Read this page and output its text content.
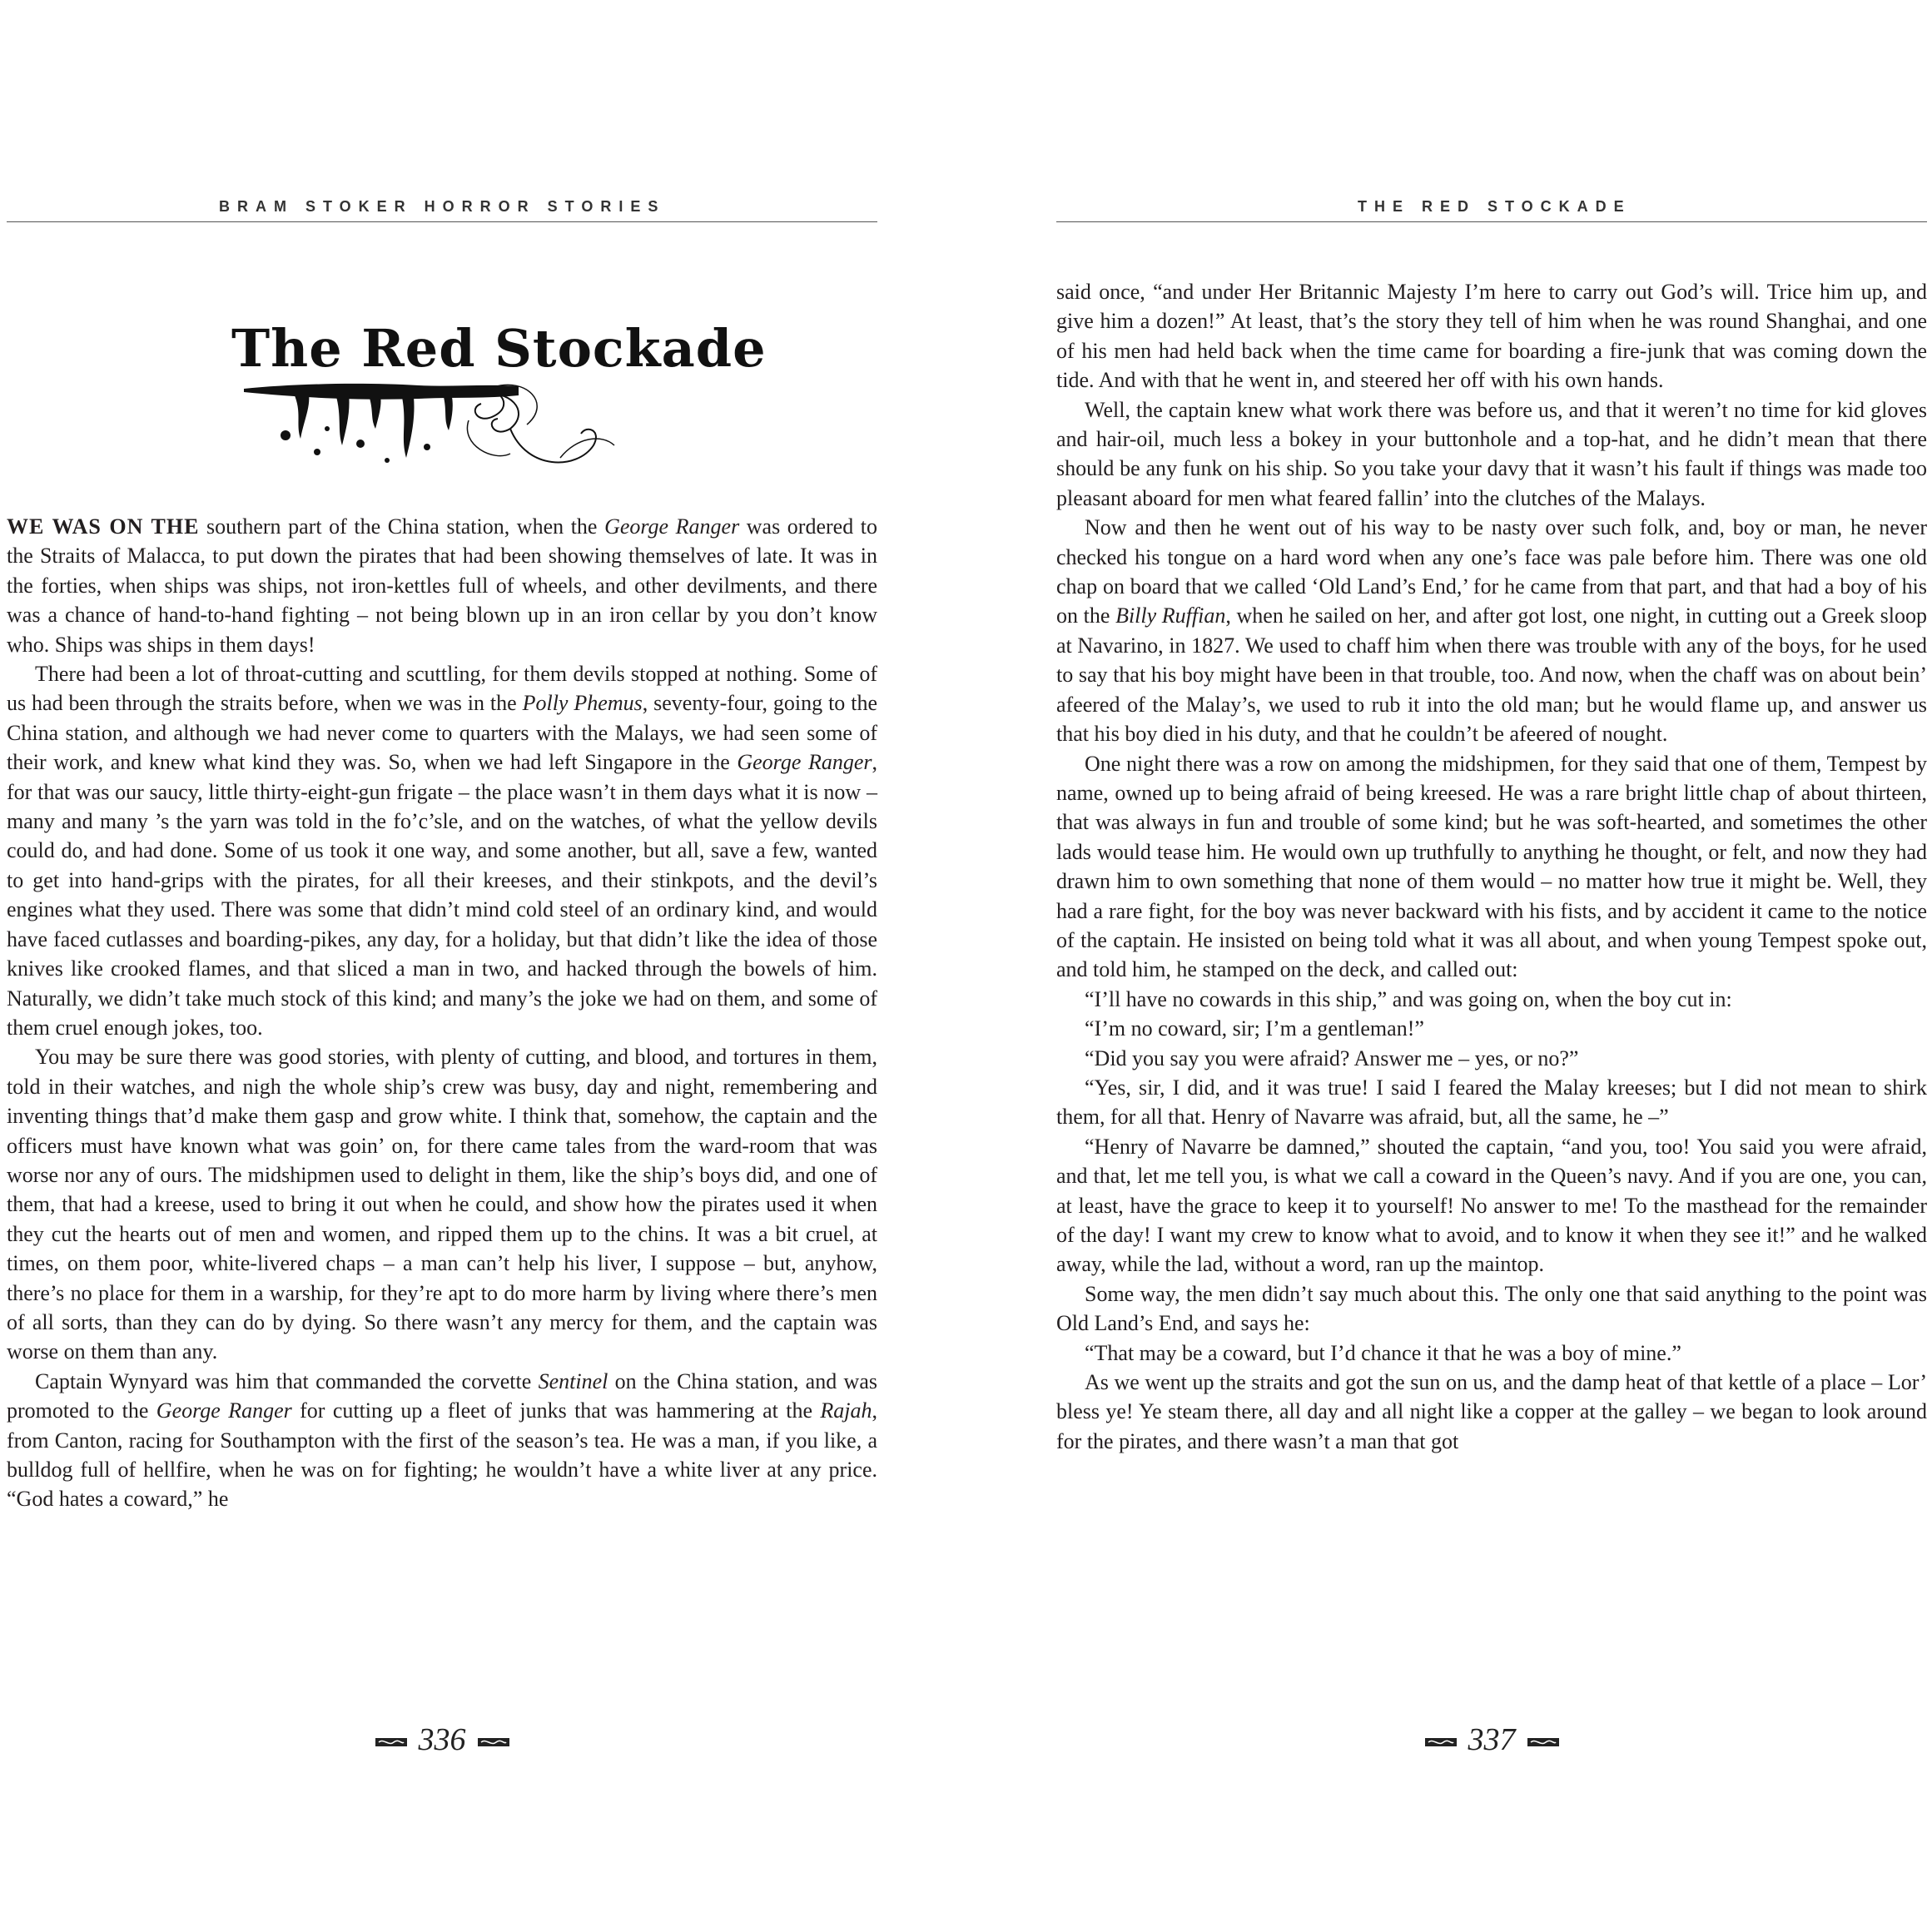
BRAM STOKER HORROR STORIES
The Red Stockade

WE WAS ON THE southern part of the China station, when the George Ranger was ordered to the Straits of Malacca, to put down the pirates that had been showing themselves of late. It was in the forties, when ships was ships, not iron-kettles full of wheels, and other devilments, and there was a chance of hand-to-hand fighting – not being blown up in an iron cellar by you don’t know who. Ships was ships in them days!

There had been a lot of throat-cutting and scuttling, for them devils stopped at nothing. Some of us had been through the straits before, when we was in the Polly Phemus, seventy-four, going to the China station, and although we had never come to quarters with the Malays, we had seen some of their work, and knew what kind they was. So, when we had left Singapore in the George Ranger, for that was our saucy, little thirty-eight-gun frigate – the place wasn’t in them days what it is now – many and many ’s the yarn was told in the fo’c’sle, and on the watches, of what the yellow devils could do, and had done. Some of us took it one way, and some another, but all, save a few, wanted to get into hand-grips with the pirates, for all their kreeses, and their stinkpots, and the devil’s engines what they used. There was some that didn’t mind cold steel of an ordinary kind, and would have faced cutlasses and boarding-pikes, any day, for a holiday, but that didn’t like the idea of those knives like crooked flames, and that sliced a man in two, and hacked through the bowels of him. Naturally, we didn’t take much stock of this kind; and many’s the joke we had on them, and some of them cruel enough jokes, too.

You may be sure there was good stories, with plenty of cutting, and blood, and tortures in them, told in their watches, and nigh the whole ship’s crew was busy, day and night, remembering and inventing things that’d make them gasp and grow white. I think that, somehow, the captain and the officers must have known what was goin’ on, for there came tales from the ward-room that was worse nor any of ours. The midshipmen used to delight in them, like the ship’s boys did, and one of them, that had a kreese, used to bring it out when he could, and show how the pirates used it when they cut the hearts out of men and women, and ripped them up to the chins. It was a bit cruel, at times, on them poor, white-livered chaps – a man can’t help his liver, I suppose – but, anyhow, there’s no place for them in a warship, for they’re apt to do more harm by living where there’s men of all sorts, than they can do by dying. So there wasn’t any mercy for them, and the captain was worse on them than any.

Captain Wynyard was him that commanded the corvette Sentinel on the China station, and was promoted to the George Ranger for cutting up a fleet of junks that was hammering at the Rajah, from Canton, racing for Southampton with the first of the season’s tea. He was a man, if you like, a bulldog full of hellfire, when he was on for fighting; he wouldn’t have a white liver at any price. “God hates a coward,” he

336
THE RED STOCKADE

said once, “and under Her Britannic Majesty I’m here to carry out God’s will. Trice him up, and give him a dozen!” At least, that’s the story they tell of him when he was round Shanghai, and one of his men had held back when the time came for boarding a fire-junk that was coming down the tide. And with that he went in, and steered her off with his own hands.

Well, the captain knew what work there was before us, and that it weren’t no time for kid gloves and hair-oil, much less a bokey in your buttonhole and a top-hat, and he didn’t mean that there should be any funk on his ship. So you take your davy that it wasn’t his fault if things was made too pleasant aboard for men what feared fallin’ into the clutches of the Malays.

Now and then he went out of his way to be nasty over such folk, and, boy or man, he never checked his tongue on a hard word when any one’s face was pale before him. There was one old chap on board that we called ‘Old Land’s End,’ for he came from that part, and that had a boy of his on the Billy Ruffian, when he sailed on her, and after got lost, one night, in cutting out a Greek sloop at Navarino, in 1827. We used to chaff him when there was trouble with any of the boys, for he used to say that his boy might have been in that trouble, too. And now, when the chaff was on about bein’ afeered of the Malay’s, we used to rub it into the old man; but he would flame up, and answer us that his boy died in his duty, and that he couldn’t be afeered of nought.

One night there was a row on among the midshipmen, for they said that one of them, Tempest by name, owned up to being afraid of being kreesed. He was a rare bright little chap of about thirteen, that was always in fun and trouble of some kind; but he was soft-hearted, and sometimes the other lads would tease him. He would own up truthfully to anything he thought, or felt, and now they had drawn him to own something that none of them would – no matter how true it might be. Well, they had a rare fight, for the boy was never backward with his fists, and by accident it came to the notice of the captain. He insisted on being told what it was all about, and when young Tempest spoke out, and told him, he stamped on the deck, and called out:

“I’ll have no cowards in this ship,” and was going on, when the boy cut in:

“I’m no coward, sir; I’m a gentleman!”

“Did you say you were afraid? Answer me – yes, or no?”

“Yes, sir, I did, and it was true! I said I feared the Malay kreeses; but I did not mean to shirk them, for all that. Henry of Navarre was afraid, but, all the same, he –”

“Henry of Navarre be damned,” shouted the captain, “and you, too! You said you were afraid, and that, let me tell you, is what we call a coward in the Queen’s navy. And if you are one, you can, at least, have the grace to keep it to yourself! No answer to me! To the masthead for the remainder of the day! I want my crew to know what to avoid, and to know it when they see it!” and he walked away, while the lad, without a word, ran up the maintop.

Some way, the men didn’t say much about this. The only one that said anything to the point was Old Land’s End, and says he:

“That may be a coward, but I’d chance it that he was a boy of mine.”

As we went up the straits and got the sun on us, and the damp heat of that kettle of a place – Lor’ bless ye! Ye steam there, all day and all night like a copper at the galley – we began to look around for the pirates, and there wasn’t a man that got

337
